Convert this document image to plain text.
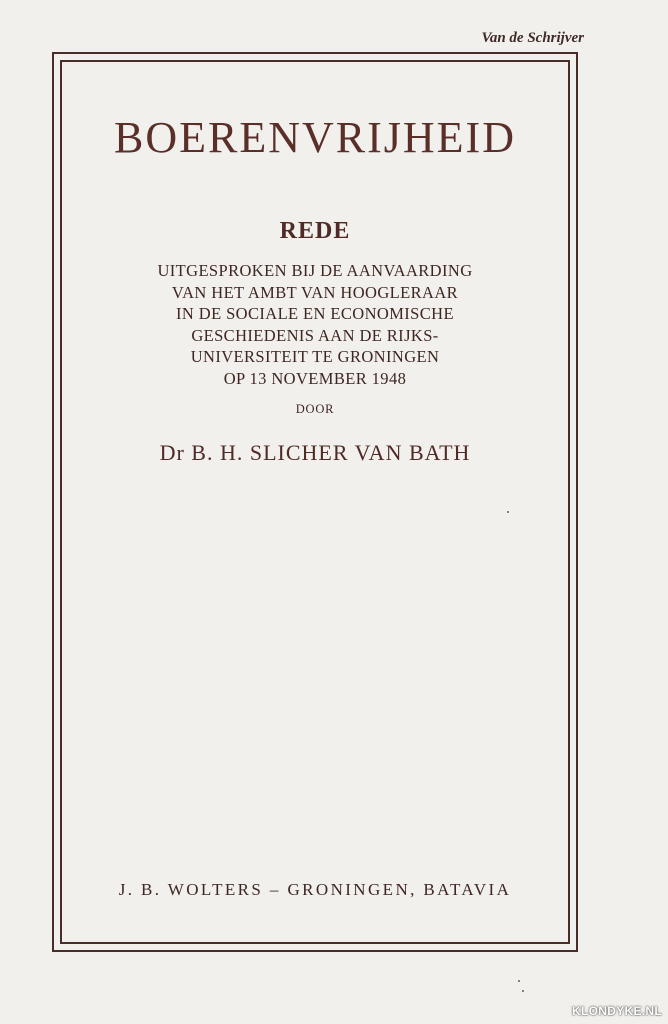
Van de Schrijver
BOERENVRIJHEID
REDE
UITGESPROKEN BIJ DE AANVAARDING
VAN HET AMBT VAN HOOGLERAAR
IN DE SOCIALE EN ECONOMISCHE
GESCHIEDENIS AAN DE RIJKS-
UNIVERSITEIT TE GRONINGEN
OP 13 NOVEMBER 1948
DOOR
Dr B. H. SLICHER VAN BATH
J. B. WOLTERS – GRONINGEN, BATAVIA
KLONDYKE.NL
